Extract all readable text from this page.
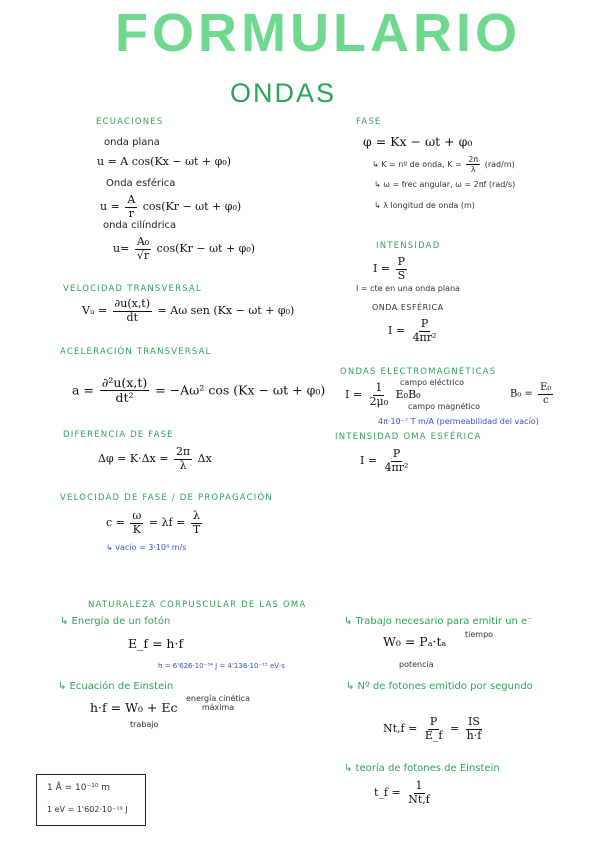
FORMULARIO
ONDAS
ECUACIONES
onda plana
u = A cos(Kx − ωt + φ₀)
Onda esférica
$u = \frac{A}{r} \cos(Kr - \omega t + \varphi_0)$
onda cilíndrica
$u= \frac{\text{A₀}}{√r} \cos(Kr - \omega t + \varphi_0)$
FASE
φ = Kx − ωt + φ₀
↳ K = nº de onda, $K = \frac{2\pi}{\lambda} (rad/m)$
↳ ω = frec angular, ω = 2πf (rad/s)
↳ λ longitud de onda (m)
INTENSIDAD
$I = \frac{P}{S}$
I = cte en una onda plana
ONDA ESFÉRICA
$I = \frac{P}{\text{4πr²}}$
VELOCIDAD TRANSVERSAL
Vᵤ = $\frac{\partial u(x,t)}{dt} = A\omega$ sen (Kx − ωt + φ₀)
ACELERACIÓN TRANSVERSAL
$a = \frac{\text{∂²u(x,t)}}{\text{dt²}} = -A\omega^2$ cos (Kx − ωt + φ₀)
ONDAS ELECTROMAGNÉTICAS
$I = \frac{1}{\text{2μ₀}} E_0B_0$
campo eléctrico
campo magnético
4π·10⁻⁷ T m/A (permeabilidad del vacío)
$B_0 = \frac{\text{E₀}}{c}$
DIFERENCIA DE FASE
$\Delta\varphi = K\cdot\Delta x = \frac{2\pi}{\lambda}$ Δx
INTENSIDAD OMA ESFÉRICA
$I = \frac{P}{\text{4πr²}}$
VELOCIDAD DE FASE / DE PROPAGACIÓN
$c = \frac{\omega}{K} = \lambda f = \frac{\lambda}{T}$
↳ vacío = 3·10⁸ m/s
NATURALEZA CORPUSCULAR DE LAS OMA
↳ Energía de un fotón
E_f = h·f
h = 6'626·10⁻³⁴ J = 4'136·10⁻¹⁵ eV·s
↳ Ecuación de Einstein
h·f = W₀ + Ec
energía cinética máxima
trabajo
↳ Trabajo necesario para emitir un e⁻
W₀ = Pₐ·tₐ tiempo
potencia
↳ Nº de fotones emitido por segundo
$Nt,f = \frac{P}{E\_f} = \frac{IS}{h\cdot f}$
↳ teoría de fotones de Einstein
t_f = $\frac{1}{Nt,f}$
1 Å = 10⁻¹⁰ m
1 eV = 1'602·10⁻¹⁹ J
